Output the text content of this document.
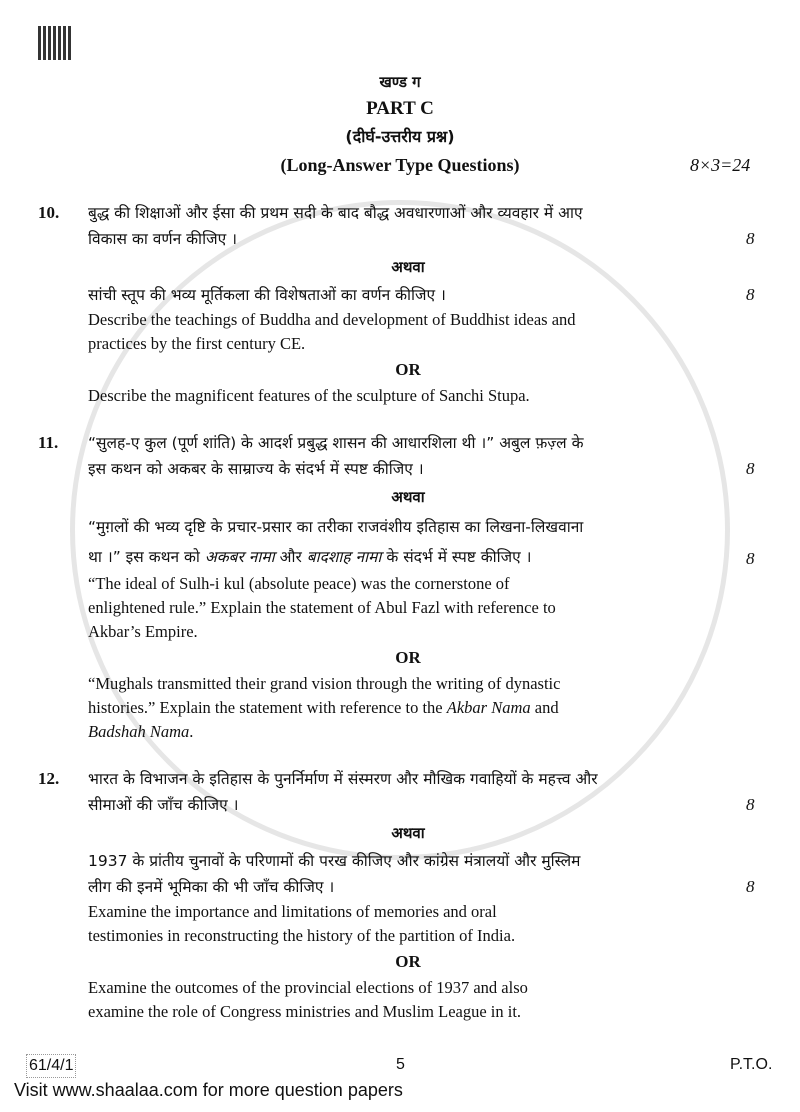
खण्ड ग
PART C
(दीर्घ-उत्तरीय प्रश्न)
(Long-Answer Type Questions)	8×3=24
10. बुद्ध की शिक्षाओं और ईसा की प्रथम सदी के बाद बौद्ध अवधारणाओं और व्यवहार में आए
विकास का वर्णन कीजिए ।	8
अथवा
सांची स्तूप की भव्य मूर्तिकला की विशेषताओं का वर्णन कीजिए ।	8
Describe the teachings of Buddha and development of Buddhist ideas and
practices by the first century CE.
OR
Describe the magnificent features of the sculpture of Sanchi Stupa.
11. “सुलह-ए कुल (पूर्ण शांति) के आदर्श प्रबुद्ध शासन की आधारशिला थी ।” अबुल फ़ज़्ल के
इस कथन को अकबर के साम्राज्य के संदर्भ में स्पष्ट कीजिए ।	8
अथवा
“मुग़लों की भव्य दृष्टि के प्रचार-प्रसार का तरीका राजवंशीय इतिहास का लिखना-लिखवाना
था ।” इस कथन को अकबर नामा और बादशाह नामा के संदर्भ में स्पष्ट कीजिए ।	8
“The ideal of Sulh-i kul (absolute peace) was the cornerstone of
enlightened rule.” Explain the statement of Abul Fazl with reference to
Akbar’s Empire.
OR
“Mughals transmitted their grand vision through the writing of dynastic
histories.” Explain the statement with reference to the Akbar Nama and
Badshah Nama.
12. भारत के विभाजन के इतिहास के पुनर्निर्माण में संस्मरण और मौखिक गवाहियों के महत्त्व और
सीमाओं की जाँच कीजिए ।	8
अथवा
1937 के प्रांतीय चुनावों के परिणामों की परख कीजिए और कांग्रेस मंत्रालयों और मुस्लिम
लीग की इनमें भूमिका की भी जाँच कीजिए ।	8
Examine the importance and limitations of memories and oral
testimonies in reconstructing the history of the partition of India.
OR
Examine the outcomes of the provincial elections of 1937 and also
examine the role of Congress ministries and Muslim League in it.
61/4/1	5	P.T.O.
Visit www.shaalaa.com for more question papers
